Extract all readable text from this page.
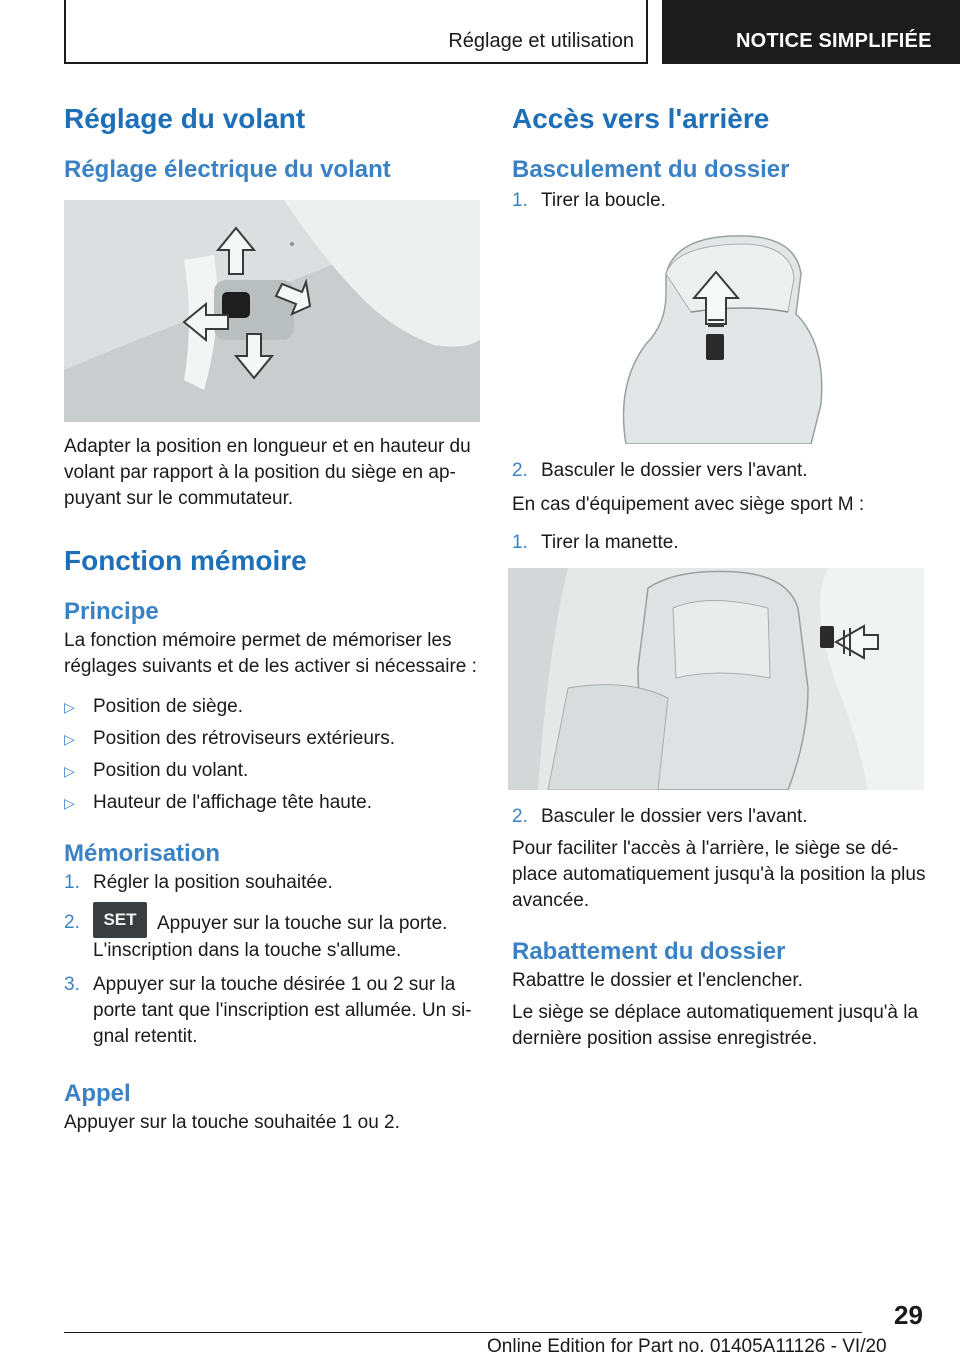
Réglage et utilisation	NOTICE SIMPLIFIÉE
Réglage du volant
Réglage électrique du volant

Adapter la position en longueur et en hauteur du volant par rapport à la position du siège en appuyant sur le commutateur.

Fonction mémoire
Principe

La fonction mémoire permet de mémoriser les réglages suivants et de les activer si nécessaire :

▷ Position de siège.
▷ Position des rétroviseurs extérieurs.
▷ Position du volant.
▷ Hauteur de l'affichage tête haute.
Mémorisation
1. Régler la position souhaitée.
2. SET Appuyer sur la touche sur la porte. L'inscription dans la touche s'allume.
3. Appuyer sur la touche désirée 1 ou 2 sur la porte tant que l'inscription est allumée. Un signal retentit.
Appel

Appuyer sur la touche souhaitée 1 ou 2.

Accès vers l'arrière
Basculement du dossier
1. Tirer la boucle.
2. Basculer le dossier vers l'avant.

En cas d'équipement avec siège sport M :

1. Tirer la manette.
2. Basculer le dossier vers l'avant.

Pour faciliter l'accès à l'arrière, le siège se déplace automatiquement jusqu'à la position la plus avancée.

Rabattement du dossier

Rabattre le dossier et l'enclencher.

Le siège se déplace automatiquement jusqu'à la dernière position assise enregistrée.

29
Online Edition for Part no. 01405A11126 - VI/20
